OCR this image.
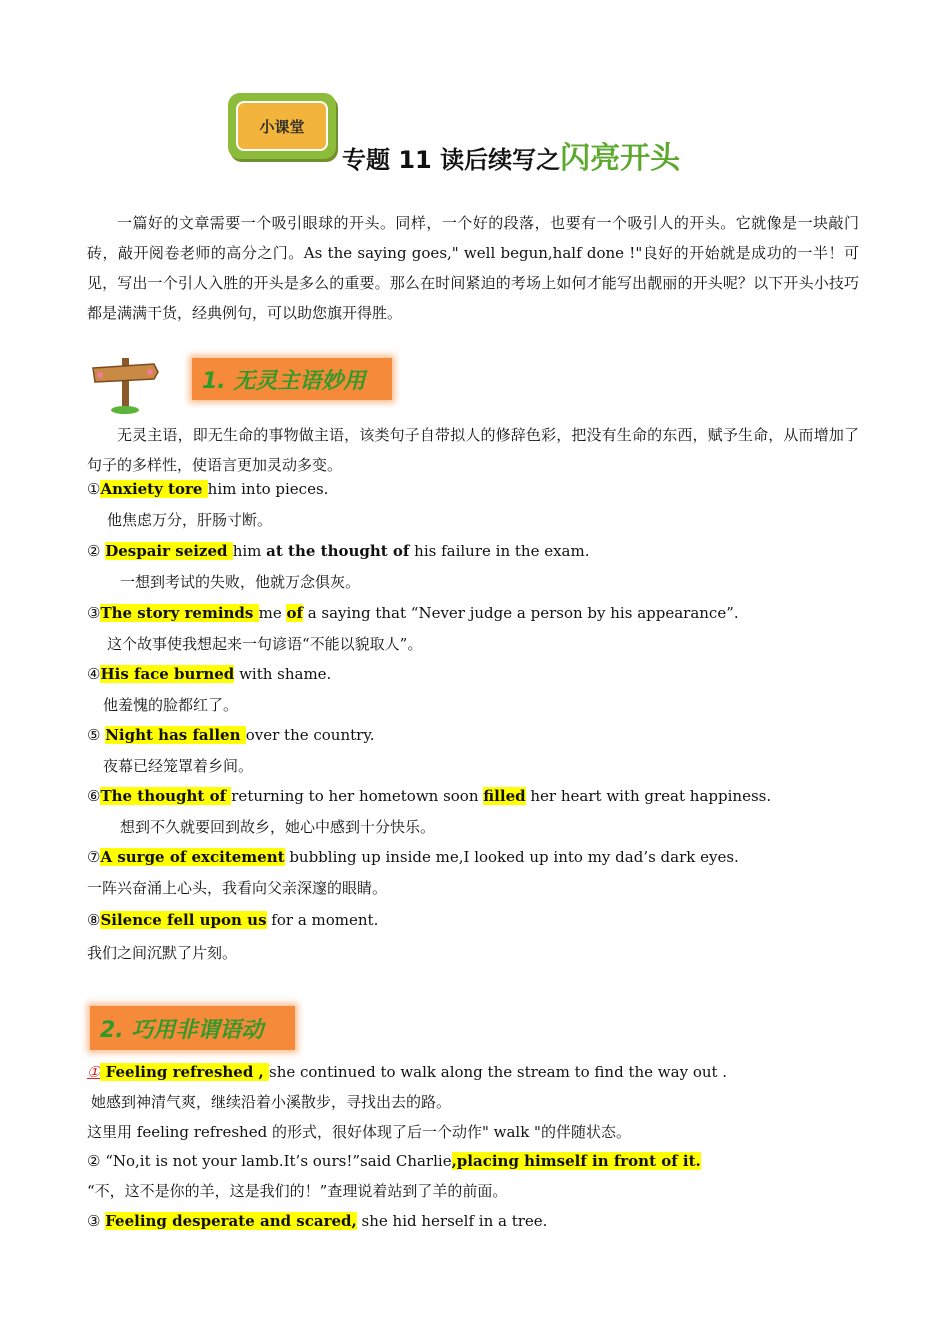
小课堂
专题 11 读后续写之闪亮开头
一篇好的文章需要一个吸引眼球的开头。同样，一个好的段落，也要有一个吸引人的开头。它就像是一块敲门砖，敲开阅卷老师的高分之门。As the saying goes," well begun,half done !"良好的开始就是成功的一半！可见，写出一个引人入胜的开头是多么的重要。那么在时间紧迫的考场上如何才能写出靓丽的开头呢？以下开头小技巧都是满满干货，经典例句，可以助您旗开得胜。
1. 无灵主语妙用
无灵主语，即无生命的事物做主语，该类句子自带拟人的修辞色彩，把没有生命的东西，赋予生命，从而增加了句子的多样性，使语言更加灵动多变。
①Anxiety tore him into pieces.
他焦虑万分，肝肠寸断。
② Despair seized him at the thought of his failure in the exam.
一想到考试的失败，他就万念俱灰。
③The story reminds me of a saying that “Never judge a person by his appearance”.
这个故事使我想起来一句谚语“不能以貌取人”。
④His face burned with shame.
他羞愧的脸都红了。
⑤ Night has fallen over the country.
夜幕已经笼罩着乡间。
⑥The thought of returning to her hometown soon filled her heart with great happiness.
想到不久就要回到故乡，她心中感到十分快乐。
⑦A surge of excitement bubbling up inside me,I looked up into my dad’s dark eyes.
一阵兴奋涌上心头，我看向父亲深邃的眼睛。
⑧Silence fell upon us for a moment.
我们之间沉默了片刻。
2. 巧用非谓语动
① Feeling refreshed , she continued to walk along the stream to find the way out .
她感到神清气爽，继续沿着小溪散步，寻找出去的路。
这里用 feeling refreshed 的形式，很好体现了后一个动作" walk "的伴随状态。
② “No,it is not your lamb.It’s ours!”said Charlie,placing himself in front of it.
“不，这不是你的羊，这是我们的！”查理说着站到了羊的前面。
③ Feeling desperate and scared, she hid herself in a tree.
